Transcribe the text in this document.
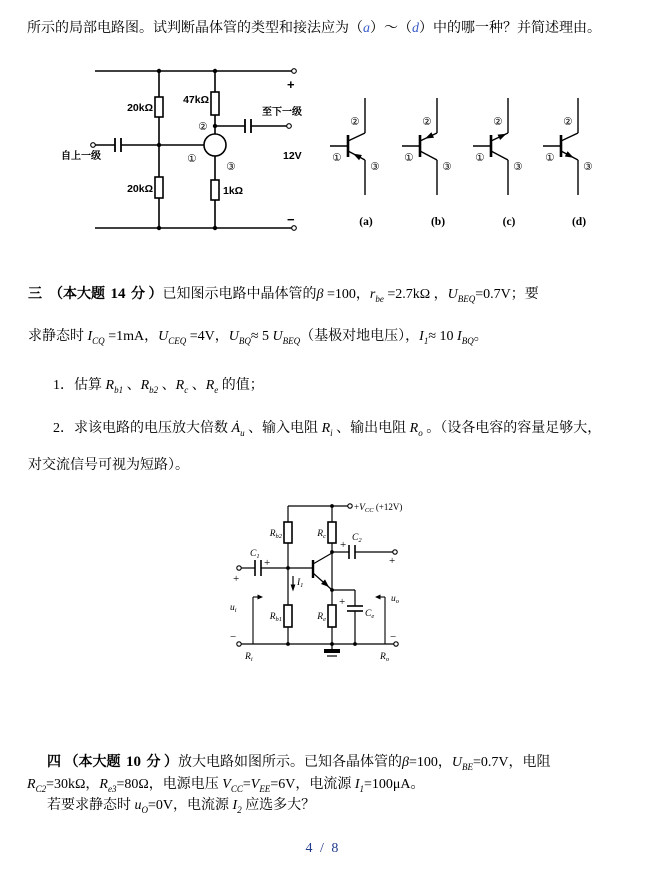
所示的局部电路图。试判断晶体管的类型和接法应为（a）～（d）中的哪一种？并简述理由。
20kΩ
47kΩ
20kΩ	1kΩ
至下一级
自上一级	12V
+
−
②
①
③
②
①
③
(a)
②
①
③
(b)
②
①
③
(c)
②
①
③
(d)
三　（本大题 14 分 ）已知图示电路中晶体管的β =100，$r_{be} =2.7k\Omega$ ，$U_{BEQ}=0.7V$；要
求静态时 $I_{CQ} =1mA$，$U_{CEQ} =4V$，$U_{BQ}\approx 5$ $U_{BEQ}$（基极对地电压），$I_1\approx 10$ $I_{BQ}$。
1．估算 $R_{b1}$ 、$R_{b2}$ 、$R_c$ 、$R_e$ 的值；
2．求该电路的电压放大倍数 $Ȧ_u$ 、输入电阻 $R_i$ 、输出电阻 $R_o$ 。（设各电容的容量足够大，
对交流信号可视为短路）。
$+V_{CC}$ (+12V)
Rb2	Rc
Rb1	Re
C1
C2
Ce
I1
ui
uo
Ri	Ro
+
+
+
+
+
−	−
四 （本大题 10 分 ）放大电路如图所示。已知各晶体管的β=100，$U_{BE}=0.7V$，电阻
$R_{C2}=30k\Omega$，$R_{e3}=80\Omega$，电源电压 $V_{CC}=V_{EE}=6V$，电流源 $I_1=100\mu A$。
若要求静态时 $u_O=0V$，电流源 $I_2$ 应选多大？
4 / 8
